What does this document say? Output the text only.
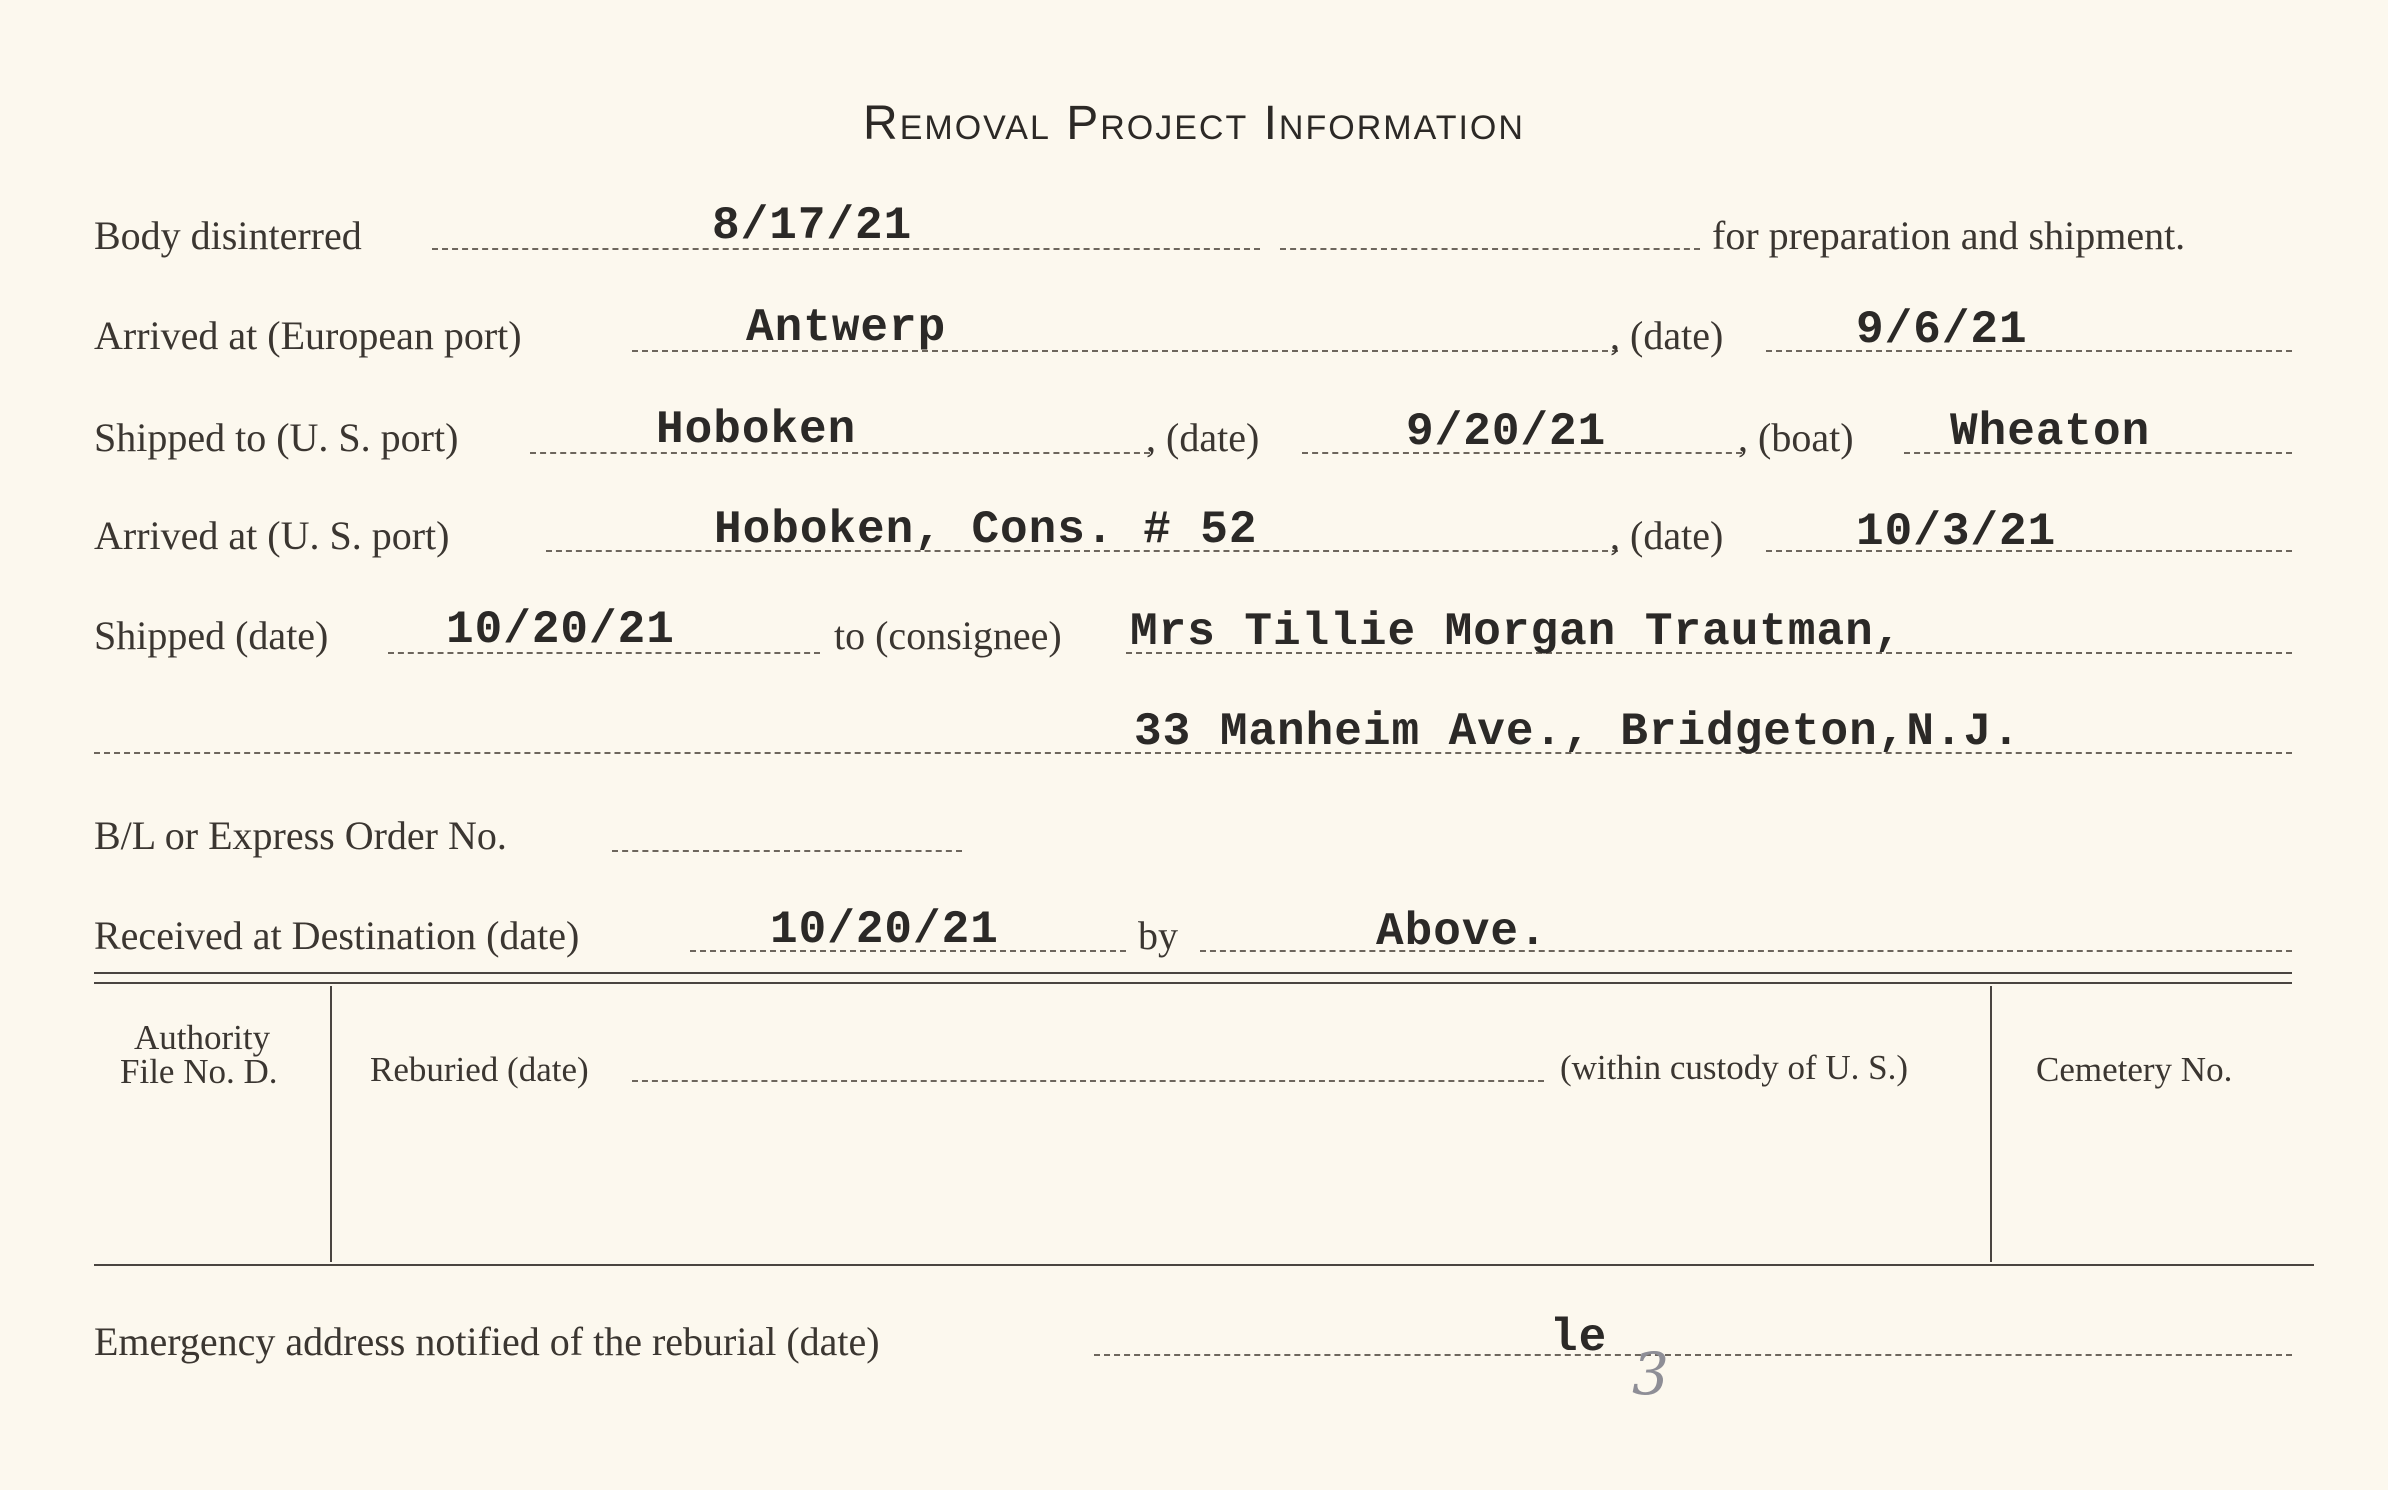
Removal Project Information
Body disinterred	8/17/21	for preparation and shipment.
Arrived at (European port)	Antwerp	, (date)	9/6/21
Shipped to (U. S. port)	Hoboken	, (date)	9/20/21	, (boat) Wheaton
Arrived at (U. S. port)	Hoboken, Cons. # 52	, (date)	10/3/21
Shipped (date)	10/20/21	to (consignee) Mrs Tillie Morgan Trautman,
33 Manheim Ave., Bridgeton,N.J.
B/L or Express Order No.
Received at Destination (date)	10/20/21	by	Above.
Authority
File No. D.	Reburied (date)	(within custody of U. S.)	Cemetery No.
Emergency address notified of the reburial (date)	le
3
